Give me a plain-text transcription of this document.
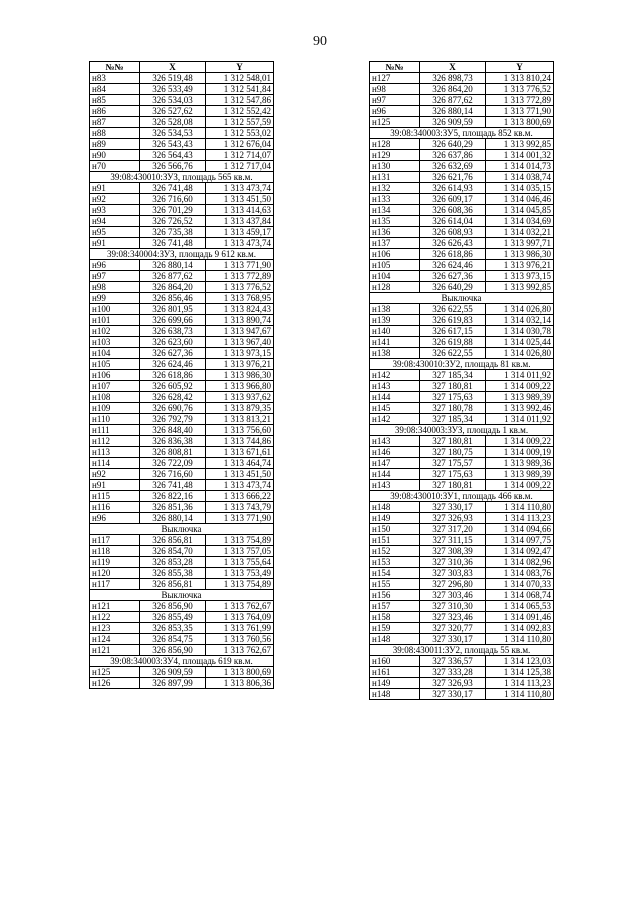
90
№№	X	Y
н83	326 519,48	1 312 548,01
н84	326 533,49	1 312 541,84
н85	326 534,03	1 312 547,86
н86	326 527,62	1 312 552,42
н87	326 528,08	1 312 557,59
н88	326 534,53	1 312 553,02
н89	326 543,43	1 312 676,04
н90	326 564,43	1 312 714,07
н70	326 566,76	1 312 717,04
39:08:430010:ЗУЗ, площадь 565 кв.м.		
н91	326 741,48	1 313 473,74
н92	326 716,60	1 313 451,50
н93	326 701,29	1 313 414,63
н94	326 726,52	1 313 437,84
н95	326 735,38	1 313 459,17
н91	326 741,48	1 313 473,74
39:08:340004:ЗУЗ, площадь 9 612 кв.м.		
н96	326 880,14	1 313 771,90
н97	326 877,62	1 313 772,89
н98	326 864,20	1 313 776,52
н99	326 856,46	1 313 768,95
н100	326 801,95	1 313 824,43
н101	326 699,66	1 313 890,74
н102	326 638,73	1 313 947,67
н103	326 623,60	1 313 967,40
н104	326 627,36	1 313 973,15
н105	326 624,46	1 313 976,21
н106	326 618,86	1 313 986,30
н107	326 605,92	1 313 966,80
н108	326 628,42	1 313 937,62
н109	326 690,76	1 313 879,35
н110	326 792,79	1 313 813,21
н111	326 848,40	1 313 756,60
н112	326 836,38	1 313 744,86
н113	326 808,81	1 313 671,61
н114	326 722,09	1 313 464,74
н92	326 716,60	1 313 451,50
н91	326 741,48	1 313 473,74
н115	326 822,16	1 313 666,22
н116	326 851,36	1 313 743,79
н96	326 880,14	1 313 771,90
Выключка		
н117	326 856,81	1 313 754,89
н118	326 854,70	1 313 757,05
н119	326 853,28	1 313 755,64
н120	326 855,38	1 313 753,49
н117	326 856,81	1 313 754,89
Выключка		
н121	326 856,90	1 313 762,67
н122	326 855,49	1 313 764,09
н123	326 853,35	1 313 761,99
н124	326 854,75	1 313 760,56
н121	326 856,90	1 313 762,67
39:08:340003:ЗУ4, площадь 619 кв.м.		
н125	326 909,59	1 313 800,69
н126	326 897,99	1 313 806,36
№№	X	Y
н127	326 898,73	1 313 810,24
н98	326 864,20	1 313 776,52
н97	326 877,62	1 313 772,89
н96	326 880,14	1 313 771,90
н125	326 909,59	1 313 800,69
39:08:340003:ЗУ5, площадь 852 кв.м.		
н128	326 640,29	1 313 992,85
н129	326 637,86	1 314 001,32
н130	326 632,69	1 314 014,73
н131	326 621,76	1 314 038,74
н132	326 614,93	1 314 035,15
н133	326 609,17	1 314 046,46
н134	326 608,36	1 314 045,85
н135	326 614,04	1 314 034,69
н136	326 608,93	1 314 032,21
н137	326 626,43	1 313 997,71
н106	326 618,86	1 313 986,30
н105	326 624,46	1 313 976,21
н104	326 627,36	1 313 973,15
н128	326 640,29	1 313 992,85
Выключка		
н138	326 622,55	1 314 026,80
н139	326 619,83	1 314 032,14
н140	326 617,15	1 314 030,78
н141	326 619,88	1 314 025,44
н138	326 622,55	1 314 026,80
39:08:430010:ЗУ2, площадь 81 кв.м.		
н142	327 185,34	1 314 011,92
н143	327 180,81	1 314 009,22
н144	327 175,63	1 313 989,39
н145	327 180,78	1 313 992,46
н142	327 185,34	1 314 011,92
39:08:340003:ЗУЗ, площадь 1 кв.м.		
н143	327 180,81	1 314 009,22
н146	327 180,75	1 314 009,19
н147	327 175,57	1 313 989,36
н144	327 175,63	1 313 989,39
н143	327 180,81	1 314 009,22
39:08:430010:ЗУ1, площадь 466 кв.м.		
н148	327 330,17	1 314 110,80
н149	327 326,93	1 314 113,23
н150	327 317,20	1 314 094,66
н151	327 311,15	1 314 097,75
н152	327 308,39	1 314 092,47
н153	327 310,36	1 314 082,96
н154	327 303,83	1 314 083,76
н155	327 296,80	1 314 070,33
н156	327 303,46	1 314 068,74
н157	327 310,30	1 314 065,53
н158	327 323,46	1 314 091,46
н159	327 320,77	1 314 092,83
н148	327 330,17	1 314 110,80
39:08:430011:ЗУ2, площадь 55 кв.м.		
н160	327 336,57	1 314 123,03
н161	327 333,28	1 314 125,38
н149	327 326,93	1 314 113,23
н148	327 330,17	1 314 110,80
